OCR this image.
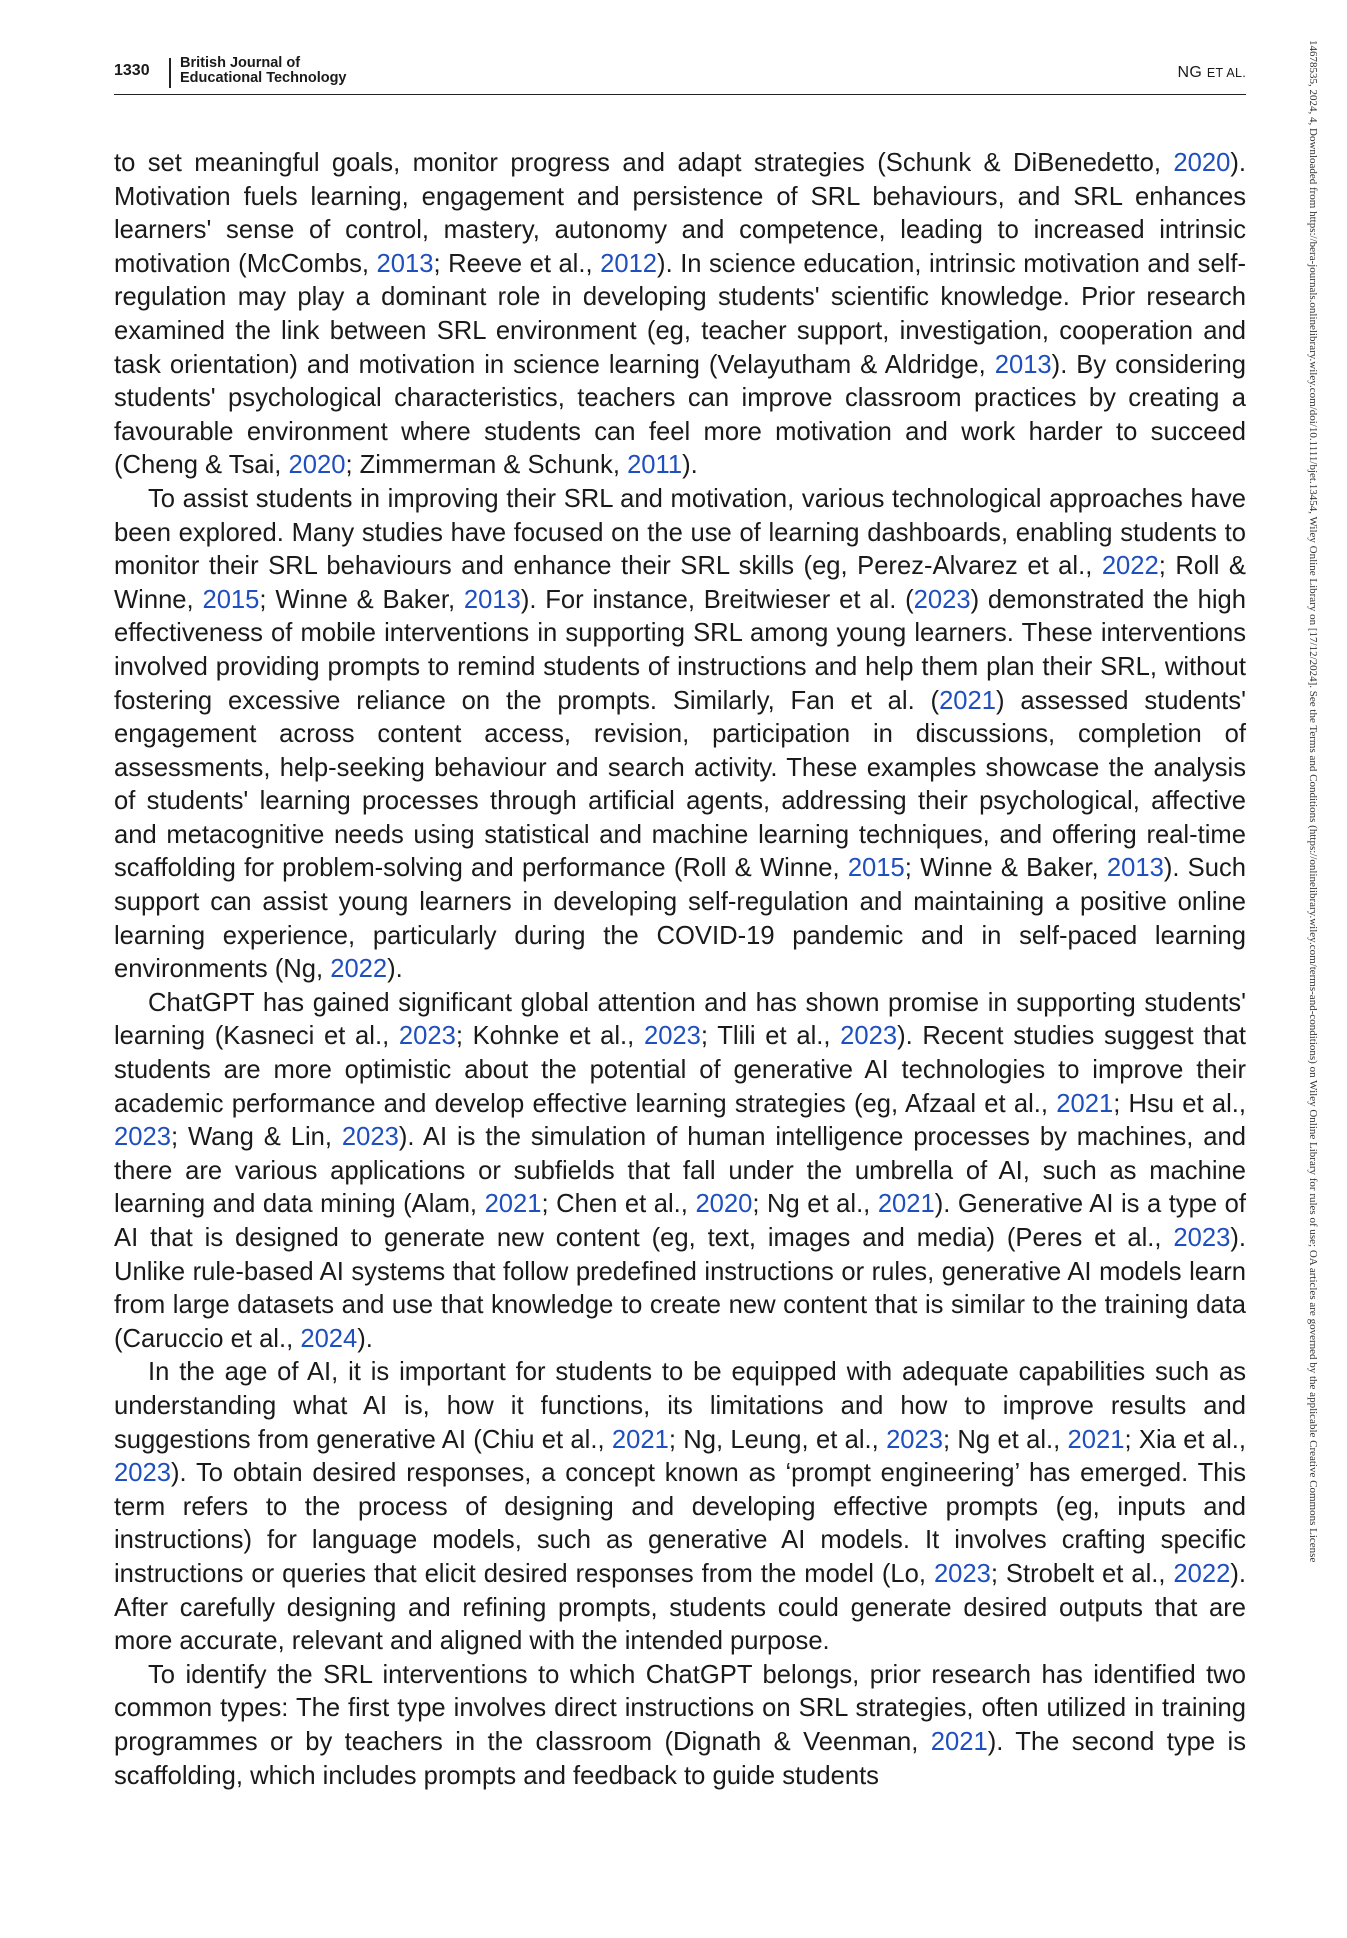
1330 British Journal of
Educational Technology	NG ET AL.

to set meaningful goals, monitor progress and adapt strategies (Schunk & DiBenedetto, 2020). Motivation fuels learning, engagement and persistence of SRL behaviours, and SRL enhances learners' sense of control, mastery, autonomy and competence, leading to increased intrinsic motivation (McCombs, 2013; Reeve et al., 2012). In science education, intrinsic motivation and self-regulation may play a dominant role in developing students' scientific knowledge. Prior research examined the link between SRL environment (eg, teacher support, investigation, cooperation and task orientation) and motivation in science learning (Velayutham & Aldridge, 2013). By considering students' psychological characteristics, teachers can improve classroom practices by creating a favourable environment where students can feel more motivation and work harder to succeed (Cheng & Tsai, 2020; Zimmerman & Schunk, 2011).

To assist students in improving their SRL and motivation, various technological approaches have been explored. Many studies have focused on the use of learning dashboards, enabling students to monitor their SRL behaviours and enhance their SRL skills (eg, Perez-Alvarez et al., 2022; Roll & Winne, 2015; Winne & Baker, 2013). For instance, Breitwieser et al. (2023) demonstrated the high effectiveness of mobile interventions in supporting SRL among young learners. These interventions involved providing prompts to remind students of instructions and help them plan their SRL, without fostering excessive reliance on the prompts. Similarly, Fan et al. (2021) assessed students' engagement across content access, revision, participation in discussions, completion of assessments, help-seeking behaviour and search activity. These examples showcase the analysis of students' learning processes through artificial agents, addressing their psychological, affective and metacognitive needs using statistical and machine learning techniques, and offering real-time scaffolding for problem-solving and performance (Roll & Winne, 2015; Winne & Baker, 2013). Such support can assist young learners in developing self-regulation and maintaining a positive online learning experience, particularly during the COVID-19 pandemic and in self-paced learning environments (Ng, 2022).

ChatGPT has gained significant global attention and has shown promise in supporting students' learning (Kasneci et al., 2023; Kohnke et al., 2023; Tlili et al., 2023). Recent studies suggest that students are more optimistic about the potential of generative AI technologies to improve their academic performance and develop effective learning strategies (eg, Afzaal et al., 2021; Hsu et al., 2023; Wang & Lin, 2023). AI is the simulation of human intelligence processes by machines, and there are various applications or subfields that fall under the umbrella of AI, such as machine learning and data mining (Alam, 2021; Chen et al., 2020; Ng et al., 2021). Generative AI is a type of AI that is designed to generate new content (eg, text, images and media) (Peres et al., 2023). Unlike rule-based AI systems that follow predefined instructions or rules, generative AI models learn from large datasets and use that knowledge to create new content that is similar to the training data (Caruccio et al., 2024).

In the age of AI, it is important for students to be equipped with adequate capabilities such as understanding what AI is, how it functions, its limitations and how to improve results and suggestions from generative AI (Chiu et al., 2021; Ng, Leung, et al., 2023; Ng et al., 2021; Xia et al., 2023). To obtain desired responses, a concept known as ‘prompt engineering’ has emerged. This term refers to the process of designing and developing effective prompts (eg, inputs and instructions) for language models, such as generative AI models. It involves crafting specific instructions or queries that elicit desired responses from the model (Lo, 2023; Strobelt et al., 2022). After carefully designing and refining prompts, students could generate desired outputs that are more accurate, relevant and aligned with the intended purpose.

To identify the SRL interventions to which ChatGPT belongs, prior research has identified two common types: The first type involves direct instructions on SRL strategies, often utilized in training programmes or by teachers in the classroom (Dignath & Veenman, 2021). The second type is scaffolding, which includes prompts and feedback to guide students

14678535, 2024, 4, Downloaded from https://bera-journals.onlinelibrary.wiley.com/doi/10.1111/bjet.13454, Wiley Online Library on [17/12/2024]. See the Terms and Conditions (https://onlinelibrary.wiley.com/terms-and-conditions) on Wiley Online Library for rules of use; OA articles are governed by the applicable Creative Commons License
